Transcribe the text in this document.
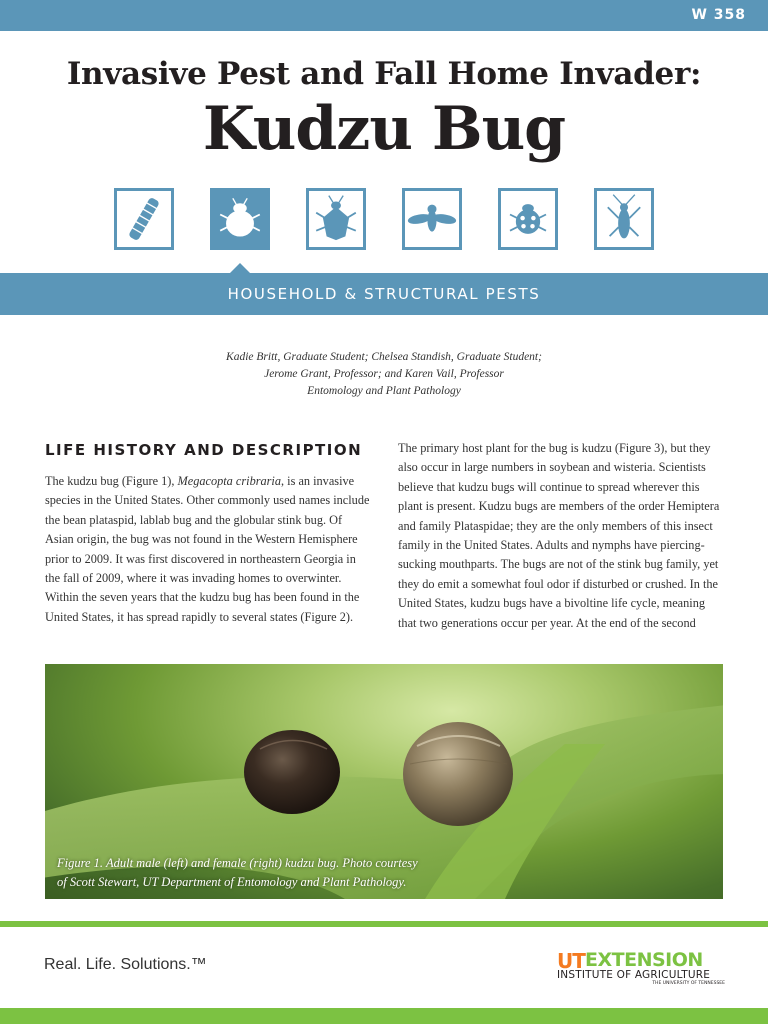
W 358
Invasive Pest and Fall Home Invader:
Kudzu Bug
HOUSEHOLD & STRUCTURAL PESTS
Kadie Britt, Graduate Student; Chelsea Standish, Graduate Student;
Jerome Grant, Professor; and Karen Vail, Professor
Entomology and Plant Pathology
LIFE HISTORY AND DESCRIPTION
The kudzu bug (Figure 1), Megacopta cribraria, is an invasive species in the United States. Other commonly used names include the bean plataspid, lablab bug and the globular stink bug. Of Asian origin, the bug was not found in the Western Hemisphere prior to 2009. It was first discovered in northeastern Georgia in the fall of 2009, where it was invading homes to overwinter. Within the seven years that the kudzu bug has been found in the United States, it has spread rapidly to several states (Figure 2).
The primary host plant for the bug is kudzu (Figure 3), but they also occur in large numbers in soybean and wisteria. Scientists believe that kudzu bugs will continue to spread wherever this plant is present. Kudzu bugs are members of the order Hemiptera and family Plataspidae; they are the only members of this insect family in the United States. Adults and nymphs have piercing-sucking mouthparts. The bugs are not of the stink bug family, yet they do emit a somewhat foul odor if disturbed or crushed. In the United States, kudzu bugs have a bivoltine life cycle, meaning that two generations occur per year. At the end of the second
Figure 1. Adult male (left) and female (right) kudzu bug. Photo courtesy
of Scott Stewart, UT Department of Entomology and Plant Pathology.
Real. Life. Solutions.™	UT EXTENSION
INSTITUTE OF AGRICULTURE
THE UNIVERSITY OF TENNESSEE
